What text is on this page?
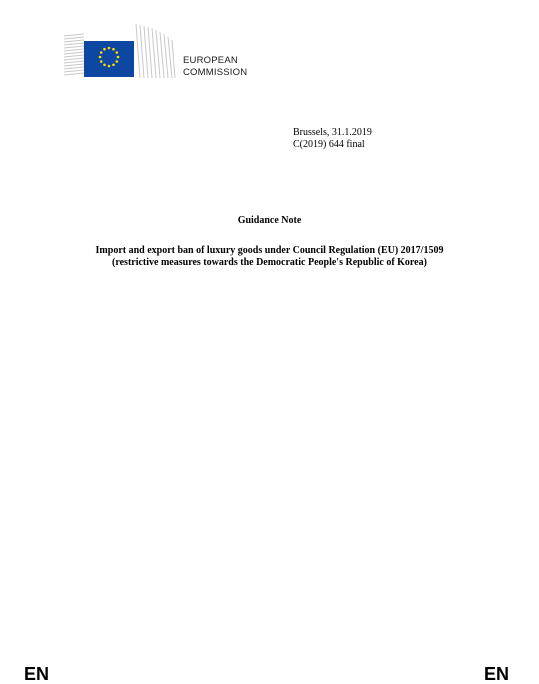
EUROPEAN
COMMISSION
Brussels, 31.1.2019
C(2019) 644 final
Guidance Note
Import and export ban of luxury goods under Council Regulation (EU) 2017/1509
(restrictive measures towards the Democratic People's Republic of Korea)
EN	EN
